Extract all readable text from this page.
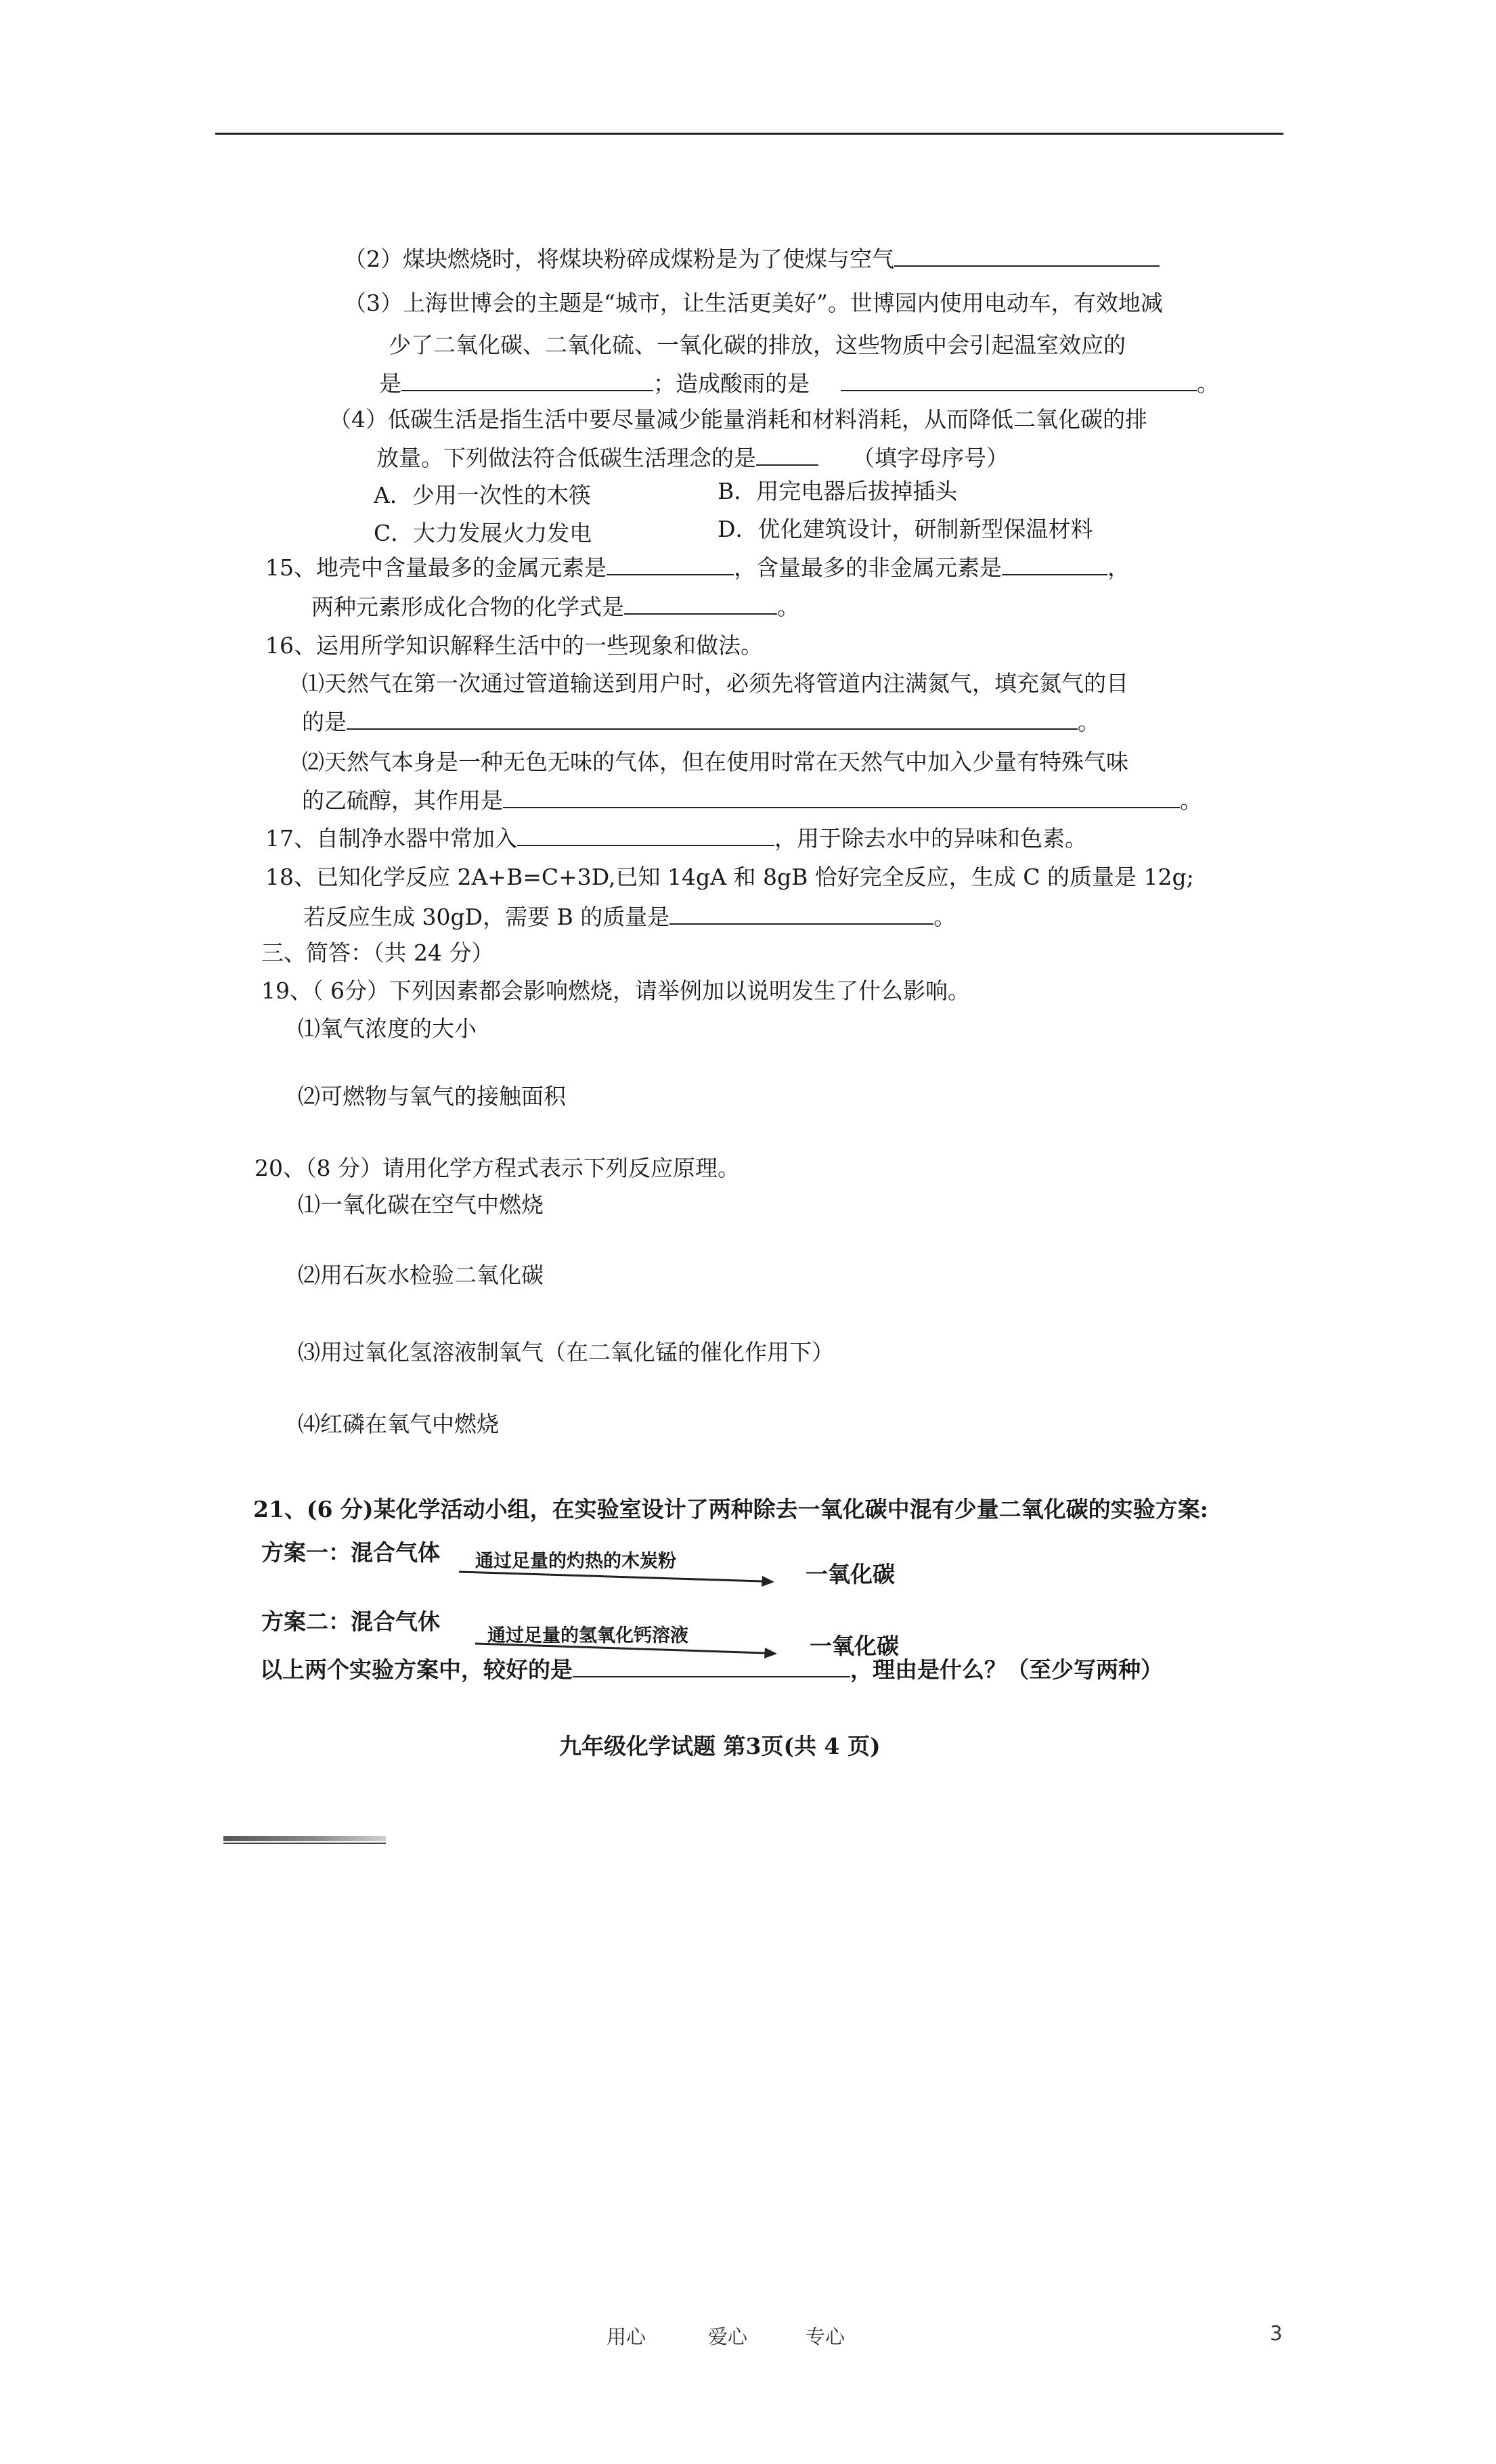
（2）煤块燃烧时，将煤块粉碎成煤粉是为了使煤与空气
（3）上海世博会的主题是“城市，让生活更美好”。世博园内使用电动车，有效地减
少了二氧化碳、二氧化硫、一氧化碳的排放，这些物质中会引起温室效应的
是	；造成酸雨的是	。
（4）低碳生活是指生活中要尽量减少能量消耗和材料消耗，从而降低二氧化碳的排
放量。下列做法符合低碳生活理念的是	（填字母序号）
A．少用一次性的木筷	B．用完电器后拔掉插头
C．大力发展火力发电	D．优化建筑设计，研制新型保温材料
15、地壳中含量最多的金属元素是	，含量最多的非金属元素是	，
两种元素形成化合物的化学式是	。
16、运用所学知识解释生活中的一些现象和做法。
⑴天然气在第一次通过管道输送到用户时，必须先将管道内注满氮气，填充氮气的目
的是	。
⑵天然气本身是一种无色无味的气体，但在使用时常在天然气中加入少量有特殊气味
的乙硫醇，其作用是	。
17、自制净水器中常加入	，用于除去水中的异味和色素。
18、已知化学反应 2A+B=C+3D,已知 14gA 和 8gB 恰好完全反应，生成 C 的质量是 12g;
若反应生成 30gD，需要 B 的质量是	。
三、简答：（共 24 分）
19、（ 6分）下列因素都会影响燃烧，请举例加以说明发生了什么影响。
⑴氧气浓度的大小
⑵可燃物与氧气的接触面积
20、（8 分）请用化学方程式表示下列反应原理。
⑴一氧化碳在空气中燃烧
⑵用石灰水检验二氧化碳
⑶用过氧化氢溶液制氧气（在二氧化锰的催化作用下）
⑷红磷在氧气中燃烧
21、(6 分)某化学活动小组，在实验室设计了两种除去一氧化碳中混有少量二氧化碳的实验方案:
方案一：混合气体 通过足量的灼热的木炭粉	一氧化碳
方案二：混合气休
通过足量的氢氧化钙溶液	一氧化碳
以上两个实验方案中，较好的是	，理由是什么？（至少写两种）
九年级化学试题 第3页(共 4 页)
用心	爱心	专心	3
